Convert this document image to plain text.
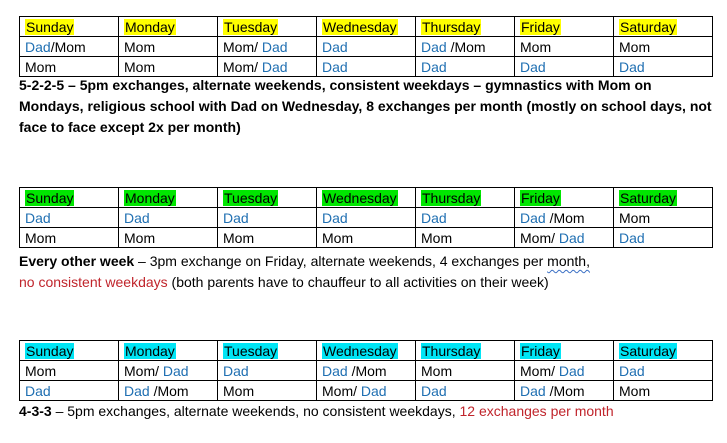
Sunday	Monday	Tuesday	Wednesday	Thursday	Friday	Saturday
Dad/Mom	Mom	Mom/ Dad	Dad	Dad /Mom	Mom	Mom
Mom	Mom	Mom/ Dad	Dad	Dad	Dad	Dad
5-2-2-5 – 5pm exchanges, alternate weekends, consistent weekdays – gymnastics with Mom on
Mondays, religious school with Dad on Wednesday, 8 exchanges per month (mostly on school days, not
face to face except 2x per month)
Sunday	Monday	Tuesday	Wednesday	Thursday	Friday	Saturday
Dad	Dad	Dad	Dad	Dad	Dad /Mom	Mom
Mom	Mom	Mom	Mom	Mom	Mom/ Dad	Dad
Every other week – 3pm exchange on Friday, alternate weekends, 4 exchanges per month,
no consistent weekdays (both parents have to chauffeur to all activities on their week)
Sunday	Monday	Tuesday	Wednesday	Thursday	Friday	Saturday
Mom	Mom/ Dad	Dad	Dad /Mom	Mom	Mom/ Dad	Dad
Dad	Dad /Mom	Mom	Mom/ Dad	Dad	Dad /Mom	Mom
4-3-3 – 5pm exchanges, alternate weekends, no consistent weekdays, 12 exchanges per month
